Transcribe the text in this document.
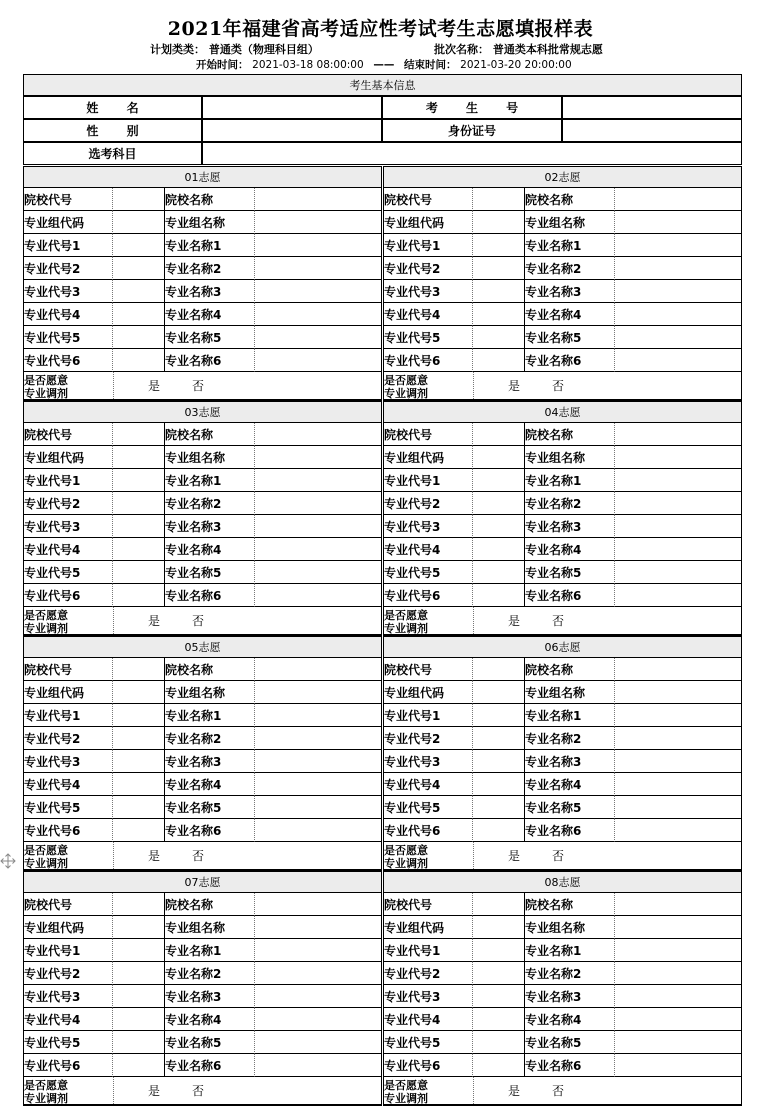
2021年福建省高考适应性考试考生志愿填报样表
计划类类： 普通类（物理科目组）	批次名称： 普通类本科批常规志愿
开始时间： 2021-03-18 08:00:00 —— 结束时间： 2021-03-20 20:00:00
考生基本信息
姓 名	考 生 号
性 别	身份证号
选考科目
01志愿
院校代号	院校名称
专业组代码	专业组名称
专业代号1	专业名称1
专业代号2	专业名称2
专业代号3	专业名称3
专业代号4	专业名称4
专业代号5	专业名称5
专业代号6	专业名称6
是否愿意
专业调剂
是	否
02志愿
院校代号	院校名称
专业组代码	专业组名称
专业代号1	专业名称1
专业代号2	专业名称2
专业代号3	专业名称3
专业代号4	专业名称4
专业代号5	专业名称5
专业代号6	专业名称6
是否愿意
专业调剂
是	否
03志愿
院校代号	院校名称
专业组代码	专业组名称
专业代号1	专业名称1
专业代号2	专业名称2
专业代号3	专业名称3
专业代号4	专业名称4
专业代号5	专业名称5
专业代号6	专业名称6
是否愿意
专业调剂
是	否
04志愿
院校代号	院校名称
专业组代码	专业组名称
专业代号1	专业名称1
专业代号2	专业名称2
专业代号3	专业名称3
专业代号4	专业名称4
专业代号5	专业名称5
专业代号6	专业名称6
是否愿意
专业调剂
是	否
05志愿
院校代号	院校名称
专业组代码	专业组名称
专业代号1	专业名称1
专业代号2	专业名称2
专业代号3	专业名称3
专业代号4	专业名称4
专业代号5	专业名称5
专业代号6	专业名称6
是否愿意
专业调剂
是	否
06志愿
院校代号	院校名称
专业组代码	专业组名称
专业代号1	专业名称1
专业代号2	专业名称2
专业代号3	专业名称3
专业代号4	专业名称4
专业代号5	专业名称5
专业代号6	专业名称6
是否愿意
专业调剂
是	否
07志愿
院校代号	院校名称
专业组代码	专业组名称
专业代号1	专业名称1
专业代号2	专业名称2
专业代号3	专业名称3
专业代号4	专业名称4
专业代号5	专业名称5
专业代号6	专业名称6
是否愿意
专业调剂
是	否
08志愿
院校代号	院校名称
专业组代码	专业组名称
专业代号1	专业名称1
专业代号2	专业名称2
专业代号3	专业名称3
专业代号4	专业名称4
专业代号5	专业名称5
专业代号6	专业名称6
是否愿意
专业调剂
是	否
